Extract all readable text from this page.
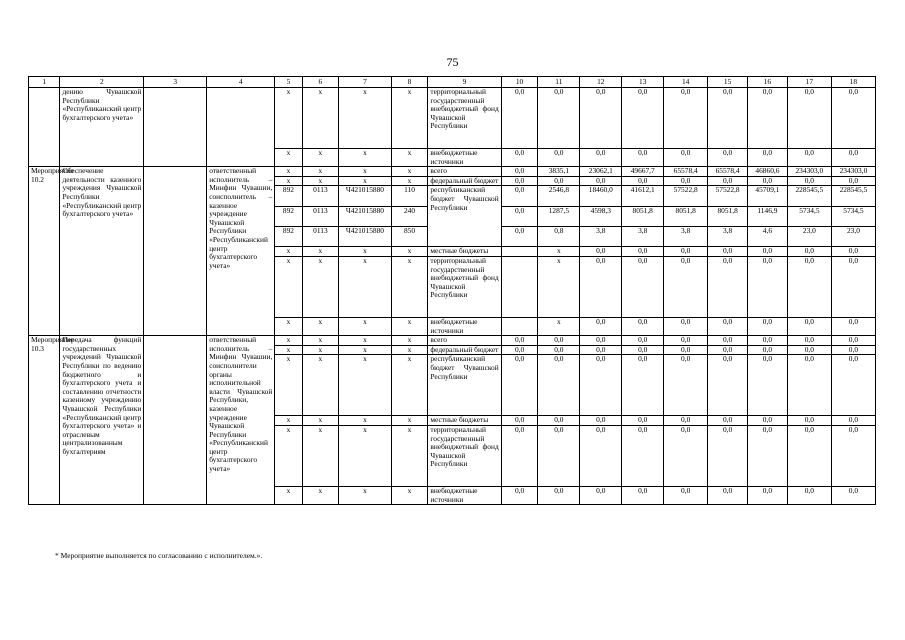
75
1	2	3	4	5	6	7	8	9	10	11	12	13	14	15	16	17	18
	дению Чувашской Республики «Республиканский центр бухгалтерского учета»			x	x	x	x	территориальный государственный внебюджетный фонд Чувашской Республики	0,0	0,0	0,0	0,0	0,0	0,0	0,0	0,0	0,0
				x	x	x	x	внебюджетные источники	0,0	0,0	0,0	0,0	0,0	0,0	0,0	0,0	0,0
Мероприятие 10.2	Обеспечение деятельности казенного учреждения Чувашской Республики «Республиканский центр бухгалтерского учета»		ответственный исполнитель – Минфин Чувашии, соисполнитель – казенное учреждение Чувашской Республики «Республиканский центр бухгалтерского учета»	x	x	x	x	всего	0,0	3835,1	23062,1	49667,7	65578,4	65578,4	46860,6	234303,0	234303,0
				x	x	x	x	федеральный бюджет	0,0	0,0	0,0	0,0	0,0	0,0	0,0	0,0	0,0
				892	0113	Ч421015880	110	республиканский бюджет Чувашской Республики	0,0	2546,8	18460,0	41612,1	57522,8	57522,8	45709,1	228545,5	228545,5
				892	0113	Ч421015880	240		0,0	1287,5	4598,3	8051,8	8051,8	8051,8	1146,9	5734,5	5734,5
				892	0113	Ч421015880	850		0,0	0,8	3,8	3,8	3,8	3,8	4,6	23,0	23,0
				x	x	x	x	местные бюджеты		x	0,0	0,0	0,0	0,0	0,0	0,0	0,0
				x	x	x	x	территориальный государственный внебюджетный фонд Чувашской Республики		x	0,0	0,0	0,0	0,0	0,0	0,0	0,0
				x	x	x	x	внебюджетные источники		x	0,0	0,0	0,0	0,0	0,0	0,0	0,0
Мероприятие 10.3	Передача функций государственных учреждений Чувашской Республики по ведению бюджетного и бухгалтерского учета и составлению отчетности казенному учреждению Чувашской Республики «Республиканский центр бухгалтерского учета» и отраслевым централизованным бухгалтериям		ответственный исполнитель – Минфин Чувашии, соисполнители органы исполнительной власти Чувашской Республики, казенное учреждение Чувашской Республики «Республиканский центр бухгалтерского учета»	x	x	x	x	всего	0,0	0,0	0,0	0,0	0,0	0,0	0,0	0,0	0,0
				x	x	x	x	федеральный бюджет	0,0	0,0	0,0	0,0	0,0	0,0	0,0	0,0	0,0
				x	x	x	x	республиканский бюджет Чувашской Республики	0,0	0,0	0,0	0,0	0,0	0,0	0,0	0,0	0,0
				x	x	x	x	местные бюджеты	0,0	0,0	0,0	0,0	0,0	0,0	0,0	0,0	0,0
				x	x	x	x	территориальный государственный внебюджетный фонд Чувашской Республики	0,0	0,0	0,0	0,0	0,0	0,0	0,0	0,0	0,0
				x	x	x	x	внебюджетные источники	0,0	0,0	0,0	0,0	0,0	0,0	0,0	0,0	0,0
* Мероприятие выполняется по согласованию с исполнителем.».
